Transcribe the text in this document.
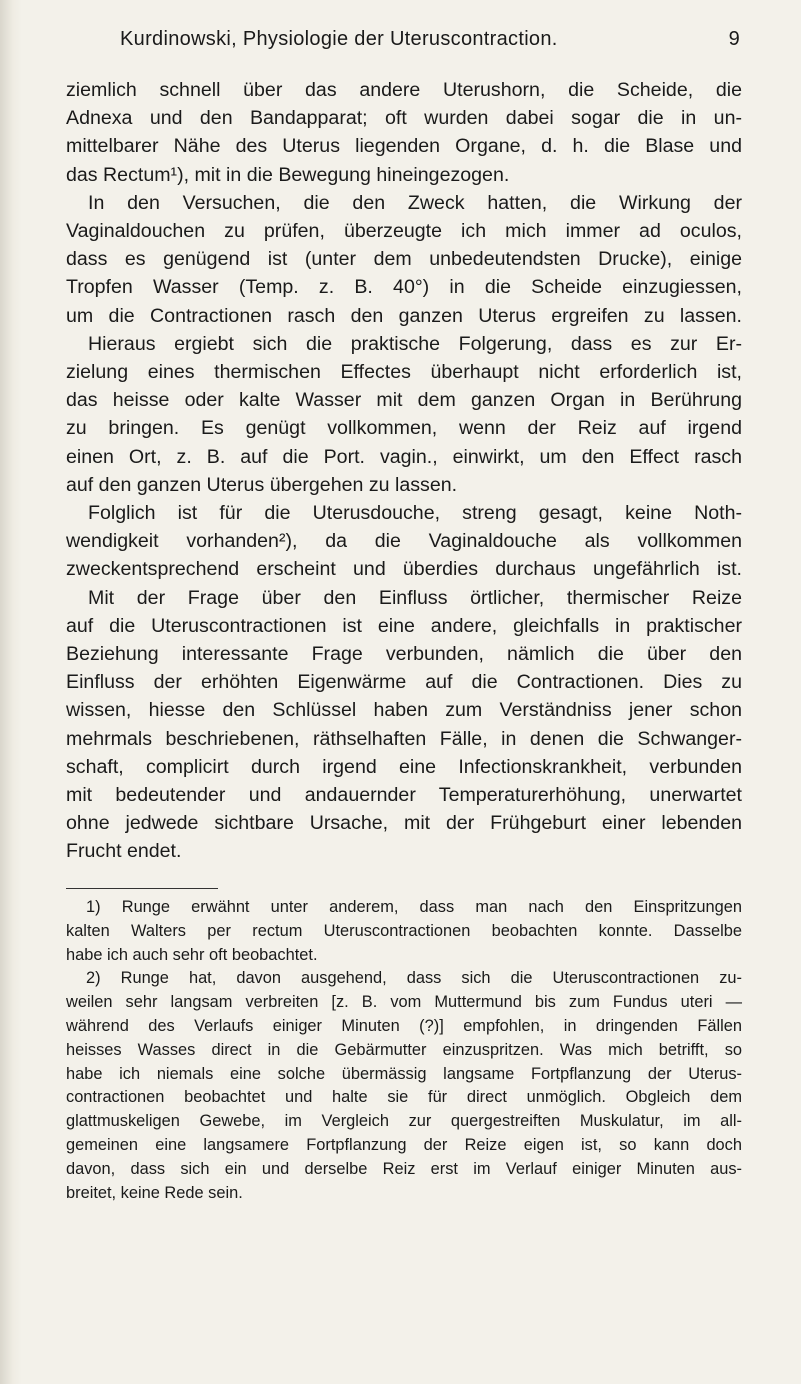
Kurdinowski, Physiologie der Uteruscontraction.	9

ziemlich schnell über das andere Uterushorn, die Scheide, die
Adnexa und den Bandapparat; oft wurden dabei sogar die in un-
mittelbarer Nähe des Uterus liegenden Organe, d. h. die Blase und
das Rectum¹), mit in die Bewegung hineingezogen.

In den Versuchen, die den Zweck hatten, die Wirkung der
Vaginaldouchen zu prüfen, überzeugte ich mich immer ad oculos,
dass es genügend ist (unter dem unbedeutendsten Drucke), einige
Tropfen Wasser (Temp. z. B. 40°) in die Scheide einzugiessen,
um die Contractionen rasch den ganzen Uterus ergreifen zu lassen.
Hieraus ergiebt sich die praktische Folgerung, dass es zur Er-
zielung eines thermischen Effectes überhaupt nicht erforderlich ist,
das heisse oder kalte Wasser mit dem ganzen Organ in Berührung
zu bringen. Es genügt vollkommen, wenn der Reiz auf irgend
einen Ort, z. B. auf die Port. vagin., einwirkt, um den Effect rasch
auf den ganzen Uterus übergehen zu lassen.

Folglich ist für die Uterusdouche, streng gesagt, keine Noth-
wendigkeit vorhanden²), da die Vaginaldouche als vollkommen
zweckentsprechend erscheint und überdies durchaus ungefährlich ist.
Mit der Frage über den Einfluss örtlicher, thermischer Reize
auf die Uteruscontractionen ist eine andere, gleichfalls in praktischer
Beziehung interessante Frage verbunden, nämlich die über den
Einfluss der erhöhten Eigenwärme auf die Contractionen. Dies zu
wissen, hiesse den Schlüssel haben zum Verständniss jener schon
mehrmals beschriebenen, räthselhaften Fälle, in denen die Schwanger-
schaft, complicirt durch irgend eine Infectionskrankheit, verbunden
mit bedeutender und andauernder Temperaturerhöhung, unerwartet
ohne jedwede sichtbare Ursache, mit der Frühgeburt einer lebenden
Frucht endet.

1) Runge erwähnt unter anderem, dass man nach den Einspritzungen
kalten Walters per rectum Uteruscontractionen beobachten konnte. Dasselbe
habe ich auch sehr oft beobachtet.
2) Runge hat, davon ausgehend, dass sich die Uteruscontractionen zu-
weilen sehr langsam verbreiten [z. B. vom Muttermund bis zum Fundus uteri —
während des Verlaufs einiger Minuten (?)] empfohlen, in dringenden Fällen
heisses Wasses direct in die Gebärmutter einzuspritzen. Was mich betrifft, so
habe ich niemals eine solche übermässig langsame Fortpflanzung der Uterus-
contractionen beobachtet und halte sie für direct unmöglich. Obgleich dem
glattmuskeligen Gewebe, im Vergleich zur quergestreiften Muskulatur, im all-
gemeinen eine langsamere Fortpflanzung der Reize eigen ist, so kann doch
davon, dass sich ein und derselbe Reiz erst im Verlauf einiger Minuten aus-
breitet, keine Rede sein.
